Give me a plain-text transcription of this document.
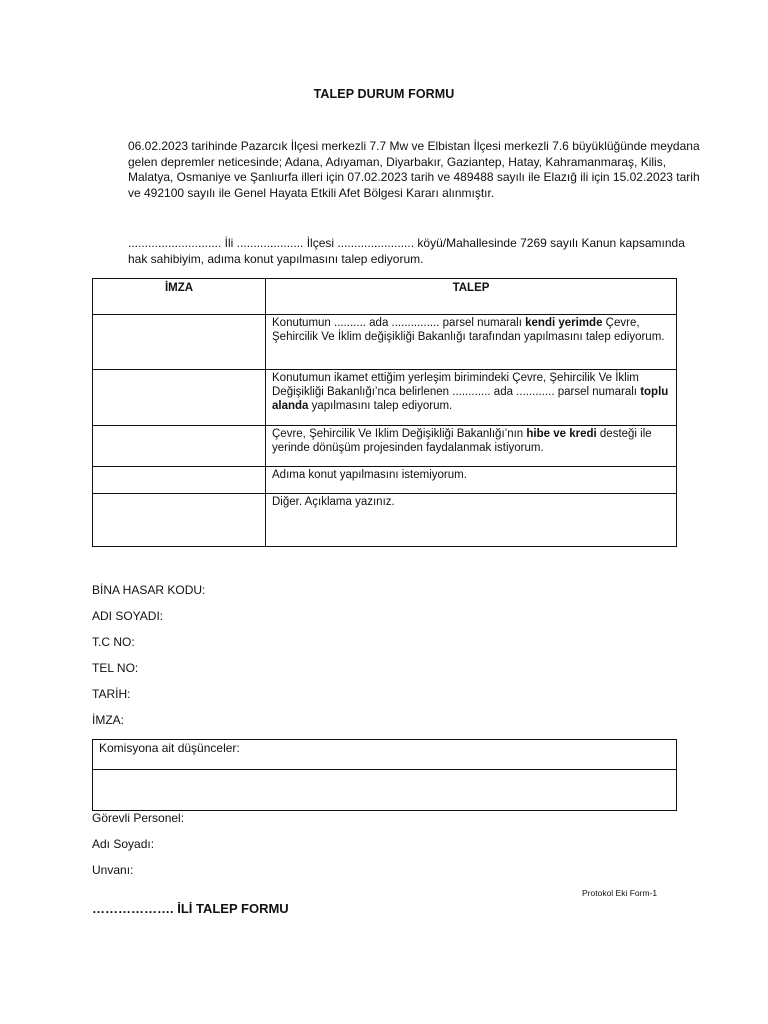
TALEP DURUM FORMU

06.02.2023 tarihinde Pazarcık İlçesi merkezli 7.7 Mw ve Elbistan İlçesi merkezli 7.6 büyüklüğünde meydana gelen depremler neticesinde; Adana, Adıyaman, Diyarbakır, Gaziantep, Hatay, Kahramanmaraş, Kilis, Malatya, Osmaniye ve Şanlıurfa illeri için 07.02.2023 tarih ve 489488 sayılı ile Elazığ ili için 15.02.2023 tarih ve 492100 sayılı ile Genel Hayata Etkili Afet Bölgesi Kararı alınmıştır.

............................ İli .................... İlçesi ....................... köyü/Mahallesinde 7269 sayılı Kanun kapsamında hak sahibiyim, adıma konut yapılmasını talep ediyorum.

İMZA	TALEP

	Konutumun .......... ada ............... parsel numaralı kendi yerimde Çevre, Şehircilik Ve İklim değişikliği Bakanlığı tarafından yapılmasını talep ediyorum.

	Konutumun ikamet ettiğim yerleşim birimindeki Çevre, Şehircilik Ve İklim Değişikliği Bakanlığı’nca belirlenen ............ ada ............ parsel numaralı toplu alanda yapılmasını talep ediyorum.

	Çevre, Şehircilik Ve Iklim Değişikliği Bakanlığı’nın hibe ve kredi desteği ile yerinde dönüşüm projesinden faydalanmak istiyorum.

	Adıma konut yapılmasını istemiyorum.

	Diğer. Açıklama yazınız.

BİNA HASAR KODU:
ADI SOYADI:
T.C NO:
TEL NO:
TARİH:
İMZA:
Komisyona ait düşünceler:

Görevli Personel:
Adı Soyadı:
Unvanı:
Protokol Eki Form-1
………………. İLİ TALEP FORMU
